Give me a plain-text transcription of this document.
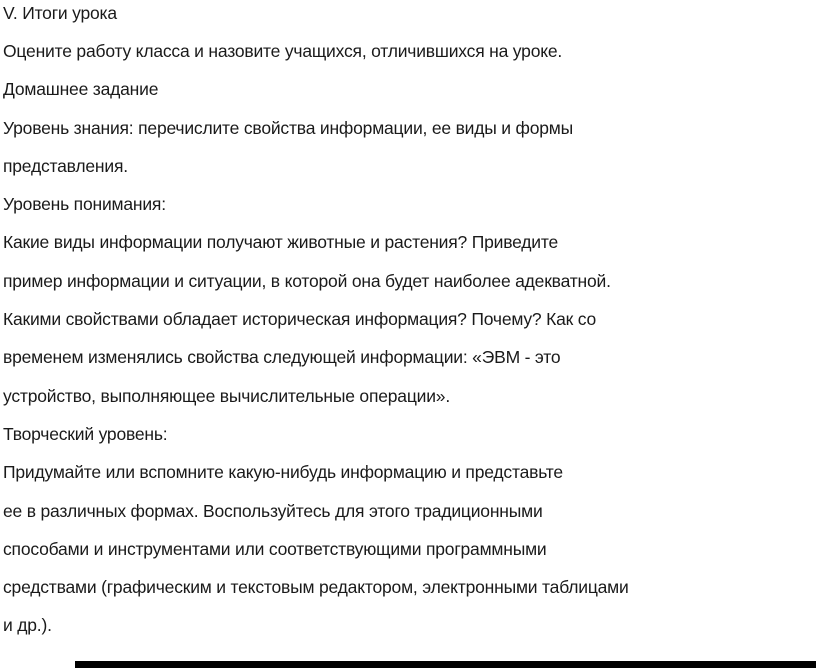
V. Итоги урока
Оцените работу класса и назовите учащихся, отличившихся на уроке.
Домашнее задание
Уровень знания: перечислите свойства информации, ее виды и формы
представления.
Уровень понимания:
Какие виды информации получают животные и растения? Приведите
пример информации и ситуации, в которой она будет наиболее адекватной.
Какими свойствами обладает историческая информация? Почему? Как со
временем изменялись свойства следующей информации: «ЭВМ - это
устройство, выполняющее вычислительные операции».
Творческий уровень:
Придумайте или вспомните какую-нибудь информацию и представьте
ее в различных формах. Воспользуйтесь для этого традиционными
способами и инструментами или соответствующими программными
средствами (графическим и текстовым редактором, электронными таблицами
и др.).
